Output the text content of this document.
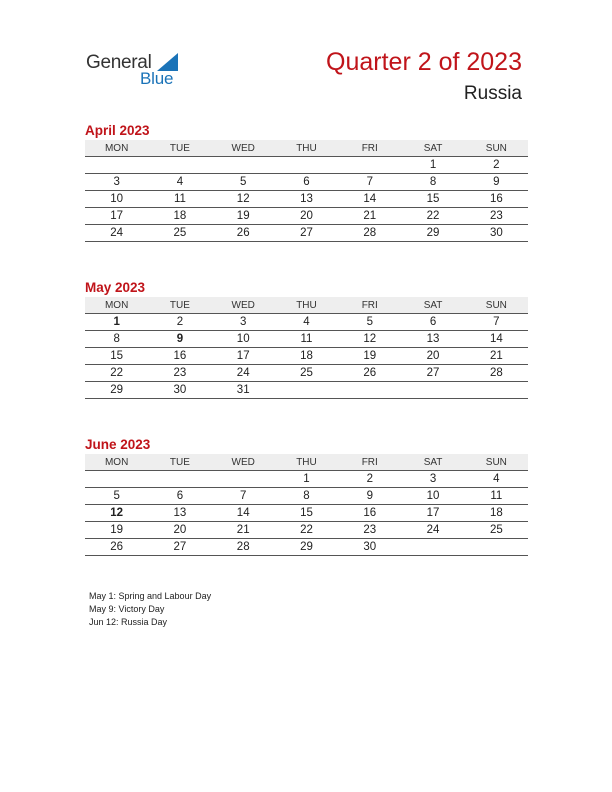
General
Blue
Quarter 2 of 2023
Russia
April 2023
MON	TUE	WED	THU	FRI	SAT	SUN
					1	2
3	4	5	6	7	8	9
10	11	12	13	14	15	16
17	18	19	20	21	22	23
24	25	26	27	28	29	30
May 2023
MON	TUE	WED	THU	FRI	SAT	SUN
1	2	3	4	5	6	7
8	9	10	11	12	13	14
15	16	17	18	19	20	21
22	23	24	25	26	27	28
29	30	31				
June 2023
MON	TUE	WED	THU	FRI	SAT	SUN
			1	2	3	4
5	6	7	8	9	10	11
12	13	14	15	16	17	18
19	20	21	22	23	24	25
26	27	28	29	30		
May 1: Spring and Labour Day
May 9: Victory Day
Jun 12: Russia Day
